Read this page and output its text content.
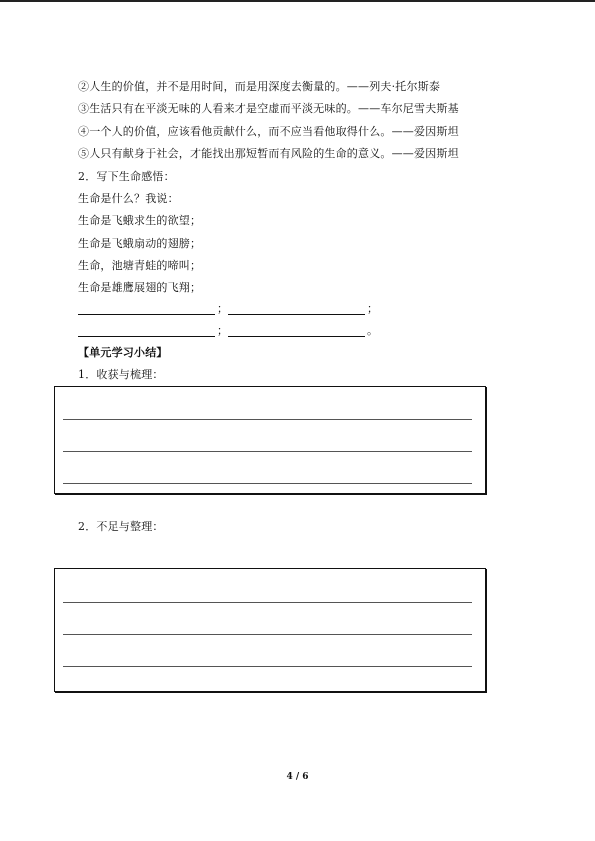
②人生的价值，并不是用时间，而是用深度去衡量的。——列夫·托尔斯泰
③生活只有在平淡无味的人看来才是空虚而平淡无味的。——车尔尼雪夫斯基
④一个人的价值，应该看他贡献什么，而不应当看他取得什么。——爱因斯坦
⑤人只有献身于社会，才能找出那短暂而有风险的生命的意义。——爱因斯坦
2．写下生命感悟：
生命是什么？我说：
生命是飞蛾求生的欲望；
生命是飞蛾扇动的翅膀；
生命，池塘青蛙的啼叫；
生命是雄鹰展翅的飞翔；
；	；
；	。
【单元学习小结】
1．收获与梳理：
2．不足与整理：
4 / 6
